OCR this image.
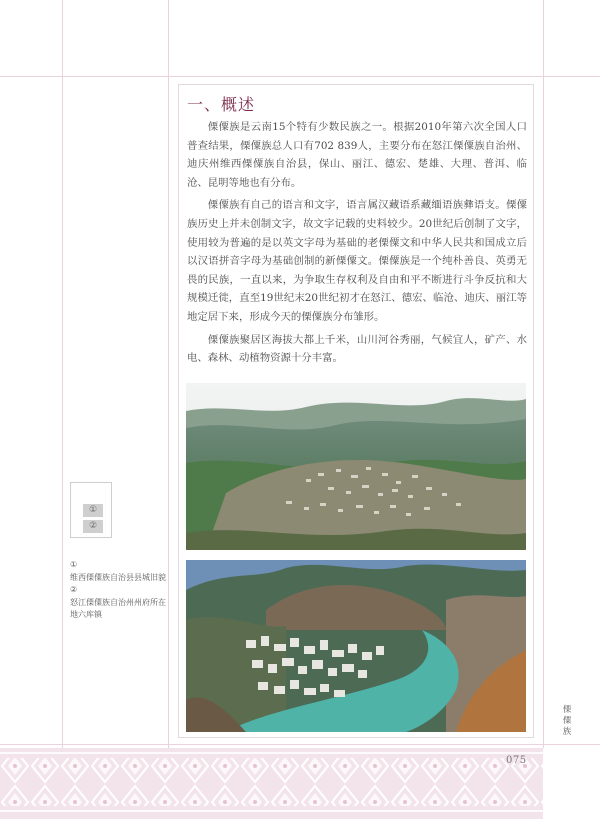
一、概述

傈僳族是云南15个特有少数民族之一。根据2010年第六次全国人口普查结果，傈僳族总人口有702 839人，主要分布在怒江傈僳族自治州、迪庆州维西傈僳族自治县，保山、丽江、德宏、楚雄、大理、普洱、临沧、昆明等地也有分布。

傈僳族有自己的语言和文字，语言属汉藏语系藏缅语族彝语支。傈僳族历史上并未创制文字，故文字记载的史料较少。20世纪后创制了文字，使用较为普遍的是以英文字母为基础的老傈僳文和中华人民共和国成立后以汉语拼音字母为基础创制的新傈僳文。傈僳族是一个纯朴善良、英勇无畏的民族，一直以来，为争取生存权利及自由和平不断进行斗争反抗和大规模迁徙，直至19世纪末20世纪初才在怒江、德宏、临沧、迪庆、丽江等地定居下来，形成今天的傈僳族分布雏形。

傈僳族聚居区海拔大都上千米，山川河谷秀丽，气候宜人，矿产、水电、森林、动植物资源十分丰富。

①
②
①
维西傈僳族自治县县城旧貌
②
怒江傈僳族自治州州府所在地六库镇
傈僳族
075
